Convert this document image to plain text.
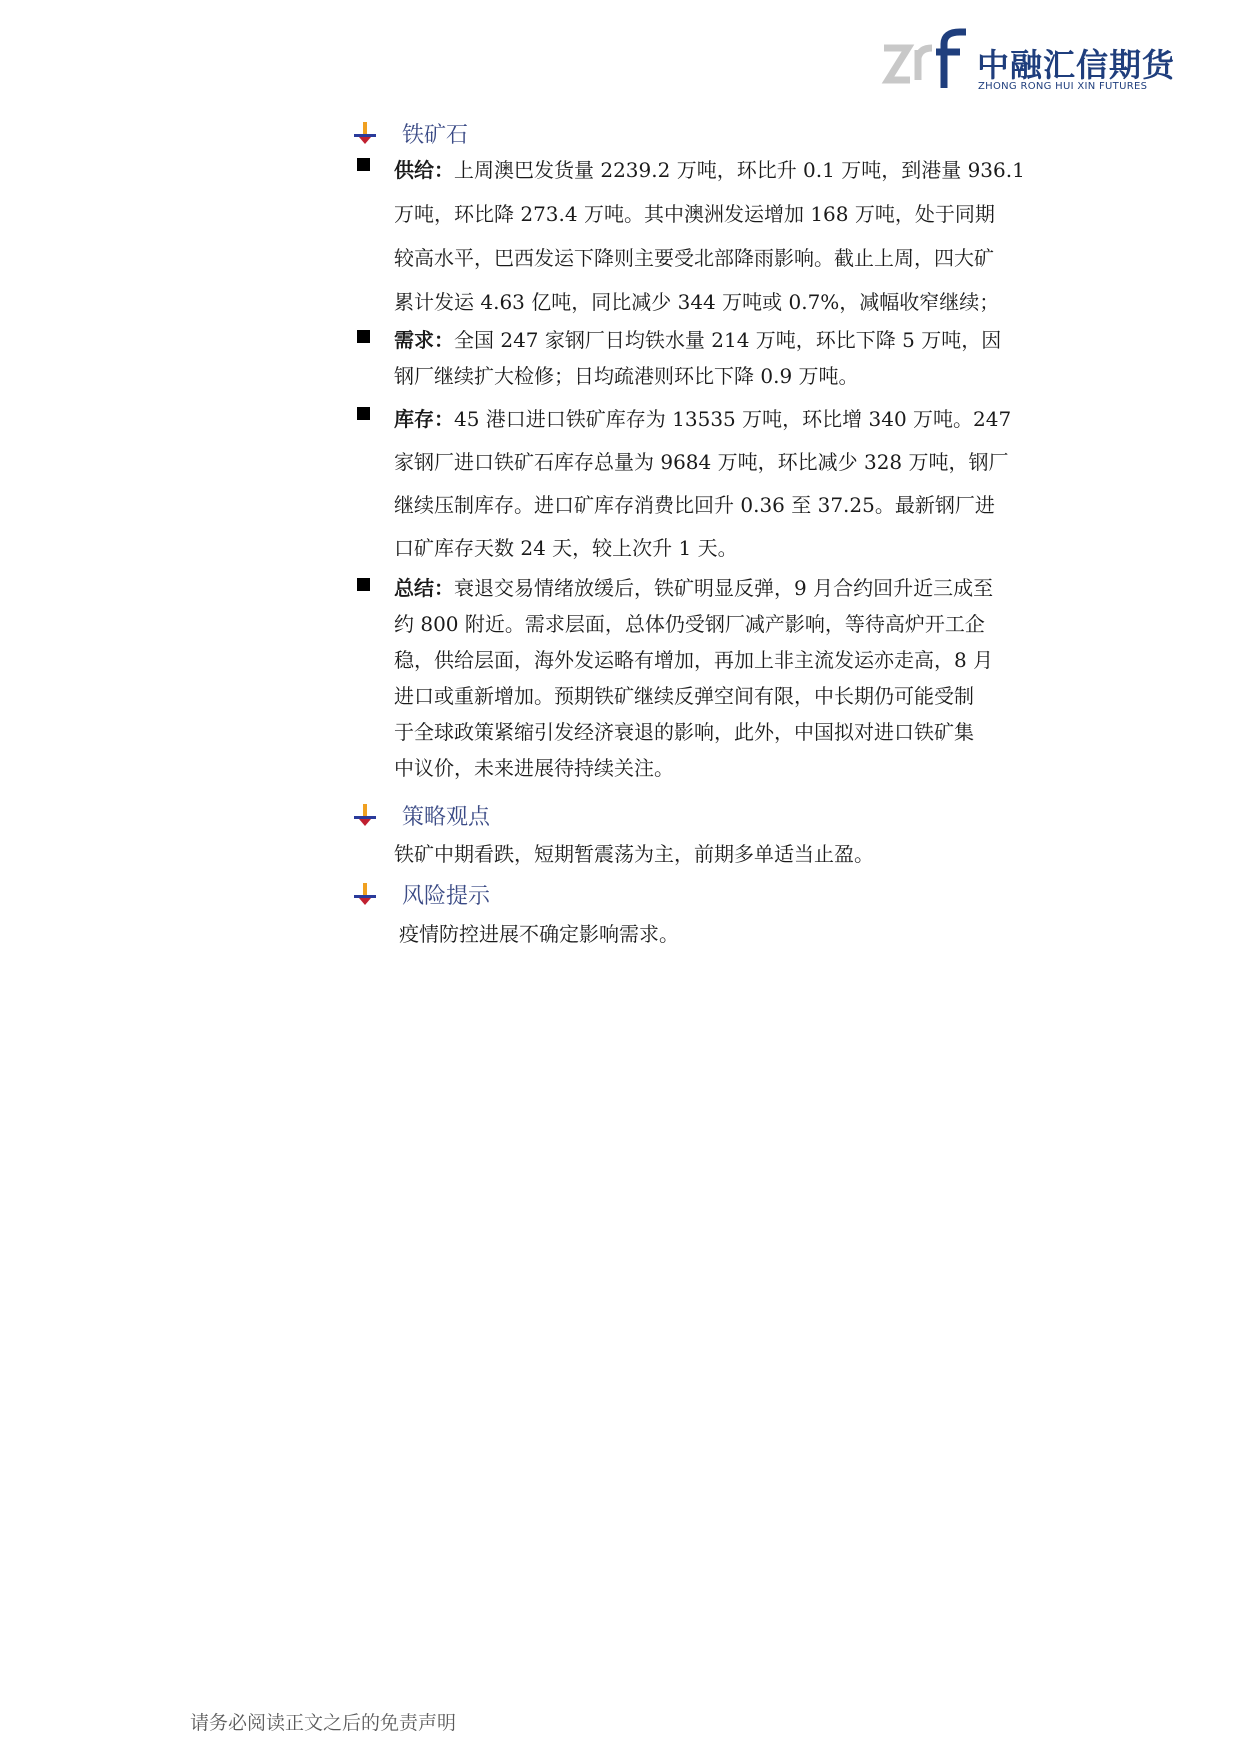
中融汇信期货
ZHONG RONG HUI XIN FUTURES
铁矿石
供给：上周澳巴发货量 2239.2 万吨，环比升 0.1 万吨，到港量 936.1
万吨，环比降 273.4 万吨。其中澳洲发运增加 168 万吨，处于同期
较高水平，巴西发运下降则主要受北部降雨影响。截止上周，四大矿
累计发运 4.63 亿吨，同比减少 344 万吨或 0.7%，减幅收窄继续；
需求：全国 247 家钢厂日均铁水量 214 万吨，环比下降 5 万吨，因
钢厂继续扩大检修；日均疏港则环比下降 0.9 万吨。
库存：45 港口进口铁矿库存为 13535 万吨，环比增 340 万吨。247
家钢厂进口铁矿石库存总量为 9684 万吨，环比减少 328 万吨，钢厂
继续压制库存。进口矿库存消费比回升 0.36 至 37.25。最新钢厂进
口矿库存天数 24 天，较上次升 1 天。
总结：衰退交易情绪放缓后，铁矿明显反弹，9 月合约回升近三成至
约 800 附近。需求层面，总体仍受钢厂减产影响，等待高炉开工企
稳，供给层面，海外发运略有增加，再加上非主流发运亦走高，8 月
进口或重新增加。预期铁矿继续反弹空间有限，中长期仍可能受制
于全球政策紧缩引发经济衰退的影响，此外，中国拟对进口铁矿集
中议价，未来进展待持续关注。
策略观点
铁矿中期看跌，短期暂震荡为主，前期多单适当止盈。
风险提示
疫情防控进展不确定影响需求。
请务必阅读正文之后的免责声明
